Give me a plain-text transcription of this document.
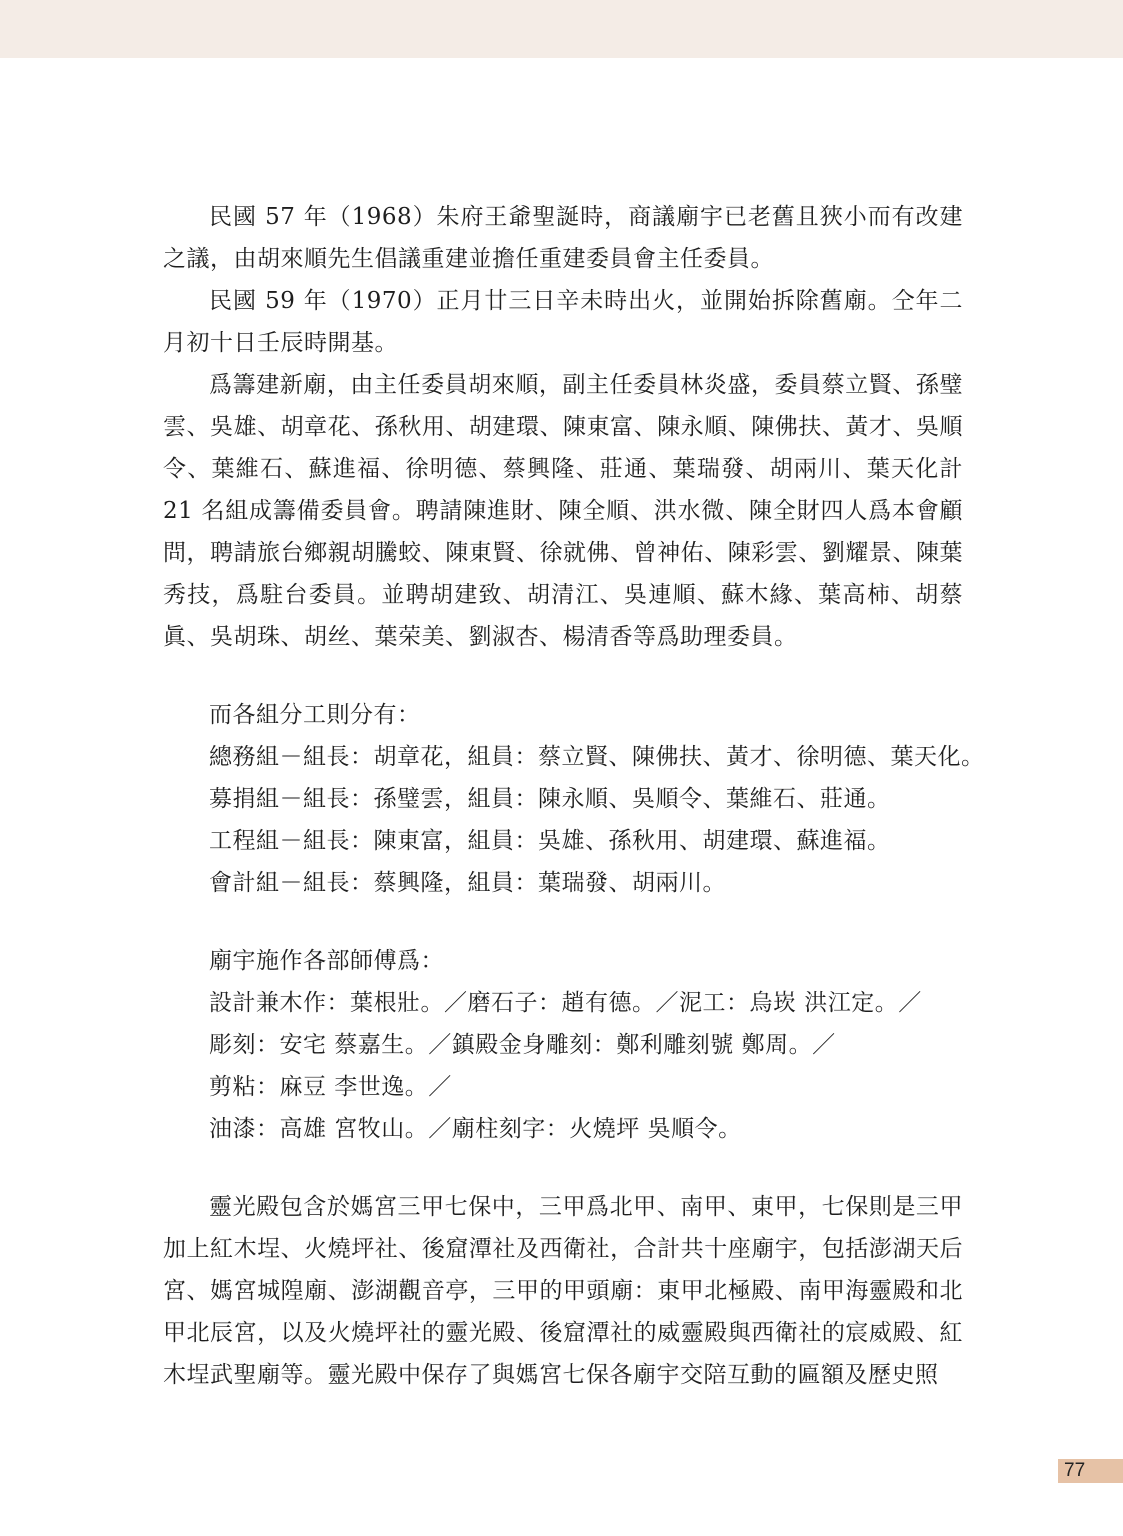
民國 57 年（1968）朱府王爺聖誕時，商議廟宇已老舊且狹小而有改建之議，由胡來順先生倡議重建並擔任重建委員會主任委員。

民國 59 年（1970）正月廿三日辛未時出火，並開始拆除舊廟。仝年二月初十日壬辰時開基。

爲籌建新廟，由主任委員胡來順，副主任委員林炎盛，委員蔡立賢、孫璧雲、吳雄、胡章花、孫秋用、胡建環、陳東富、陳永順、陳佛扶、黃才、吳順令、葉維石、蘇進福、徐明德、蔡興隆、莊通、葉瑞發、胡兩川、葉天化計 21 名組成籌備委員會。聘請陳進財、陳全順、洪水微、陳全財四人爲本會顧問，聘請旅台鄉親胡騰蛟、陳東賢、徐就佛、曾神佑、陳彩雲、劉耀景、陳葉秀技，爲駐台委員。並聘胡建致、胡清江、吳連順、蘇木緣、葉高柿、胡蔡眞、吳胡珠、胡丝、葉荣美、劉淑杏、楊清香等爲助理委員。

而各組分工則分有：
總務組－組長：胡章花，組員：蔡立賢、陳佛扶、黃才、徐明德、葉天化。
募捐組－組長：孫璧雲，組員：陳永順、吳順令、葉維石、莊通。
工程組－組長：陳東富，組員：吳雄、孫秋用、胡建環、蘇進福。
會計組－組長：蔡興隆，組員：葉瑞發、胡兩川。
廟宇施作各部師傅爲：
設計兼木作：葉根壯。／磨石子：趙有德。／泥工：烏崁 洪江定。／
彫刻：安宅 蔡嘉生。／鎮殿金身雕刻：鄭利雕刻號 鄭周。／
剪粘：麻豆 李世逸。／
油漆：高雄 宮牧山。／廟柱刻字：火燒坪 吳順令。

靈光殿包含於媽宮三甲七保中，三甲爲北甲、南甲、東甲，七保則是三甲加上紅木埕、火燒坪社、後窟潭社及西衛社，合計共十座廟宇，包括澎湖天后宮、媽宮城隍廟、澎湖觀音亭，三甲的甲頭廟：東甲北極殿、南甲海靈殿和北甲北辰宮，以及火燒坪社的靈光殿、後窟潭社的威靈殿與西衛社的宸威殿、紅木埕武聖廟等。靈光殿中保存了與媽宮七保各廟宇交陪互動的匾額及歷史照

77
